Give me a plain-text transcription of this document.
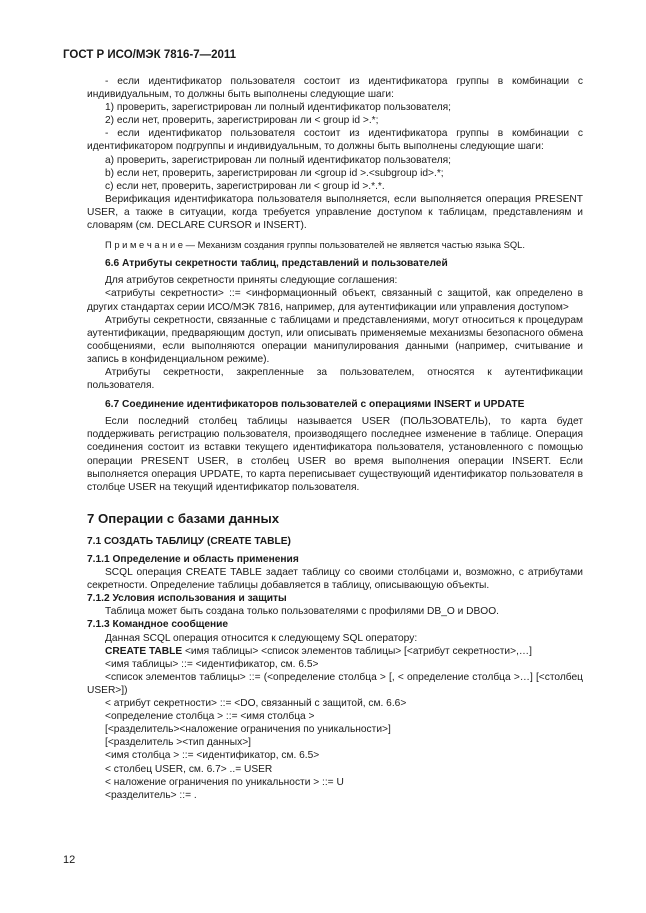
ГОСТ Р ИСО/МЭК 7816-7—2011

- если идентификатор пользователя состоит из идентификатора группы в комбинации с индивидуальным, то должны быть выполнены следующие шаги:

1) проверить, зарегистрирован ли полный идентификатор пользователя;

2) если нет, проверить, зарегистрирован ли < group id >.*;

- если идентификатор пользователя состоит из идентификатора группы в комбинации с идентификатором подгруппы и индивидуальным, то должны быть выполнены следующие шаги:

a) проверить, зарегистрирован ли полный идентификатор пользователя;

b) если нет, проверить, зарегистрирован ли <group id >.<subgroup id>.*;

c) если нет, проверить, зарегистрирован ли < group id >.*.*.

Верификация идентификатора пользователя выполняется, если выполняется операция PRESENT USER, а также в ситуации, когда требуется управление доступом к таблицам, представлениям и словарям (см. DECLARE CURSOR и INSERT).

П р и м е ч а н и е — Механизм создания группы пользователей не является частью языка SQL.

6.6 Атрибуты секретности таблиц, представлений и пользователей

Для атрибутов секретности приняты следующие соглашения:

<атрибуты секретности> ::= <информационный объект, связанный с защитой, как определено в других стандартах серии ИСО/МЭК 7816, например, для аутентификации или управления доступом>

Атрибуты секретности, связанные с таблицами и представлениями, могут относиться к процедурам аутентификации, предваряющим доступ, или описывать применяемые механизмы безопасного обмена сообщениями, если выполняются операции манипулирования данными (например, считывание и запись в конфиденциальном режиме).

Атрибуты секретности, закрепленные за пользователем, относятся к аутентификации пользователя.

6.7 Соединение идентификаторов пользователей с операциями INSERT и UPDATE

Если последний столбец таблицы называется USER (ПОЛЬЗОВАТЕЛЬ), то карта будет поддерживать регистрацию пользователя, производящего последнее изменение в таблице. Операция соединения состоит из вставки текущего идентификатора пользователя, установленного с помощью операции PRESENT USER, в столбец USER во время выполнения операции INSERT. Если выполняется операция UPDATE, то карта переписывает существующий идентификатор пользователя в столбце USER на текущий идентификатор пользователя.

7 Операции с базами данных

7.1 СОЗДАТЬ ТАБЛИЦУ (CREATE TABLE)

7.1.1 Определение и область применения

SCQL операция CREATE TABLE задает таблицу со своими столбцами и, возможно, с атрибутами секретности. Определение таблицы добавляется в таблицу, описывающую объекты.

7.1.2 Условия использования и защиты

Таблица может быть создана только пользователями с профилями DB_O и DBOO.

7.1.3 Командное сообщение

Данная SCQL операция относится к следующему SQL оператору:

CREATE TABLE <имя таблицы> <список элементов таблицы> [<атрибут секретности>,…]

<имя таблицы> ::= <идентификатор, см. 6.5>

<список элементов таблицы> ::= (<определение столбца > [, < определение столбца >…] [<столбец USER>])

< атрибут секретности> ::= <DO, связанный с защитой, см. 6.6>

<определение столбца > ::= <имя столбца >

[<разделитель><наложение ограничения по уникальности>]

[<разделитель ><тип данных>]

<имя столбца > ::= <идентификатор, см. 6.5>

< столбец USER, см. 6.7> ..= USER

< наложение ограничения по уникальности > ::= U

<разделитель> ::= .

12
